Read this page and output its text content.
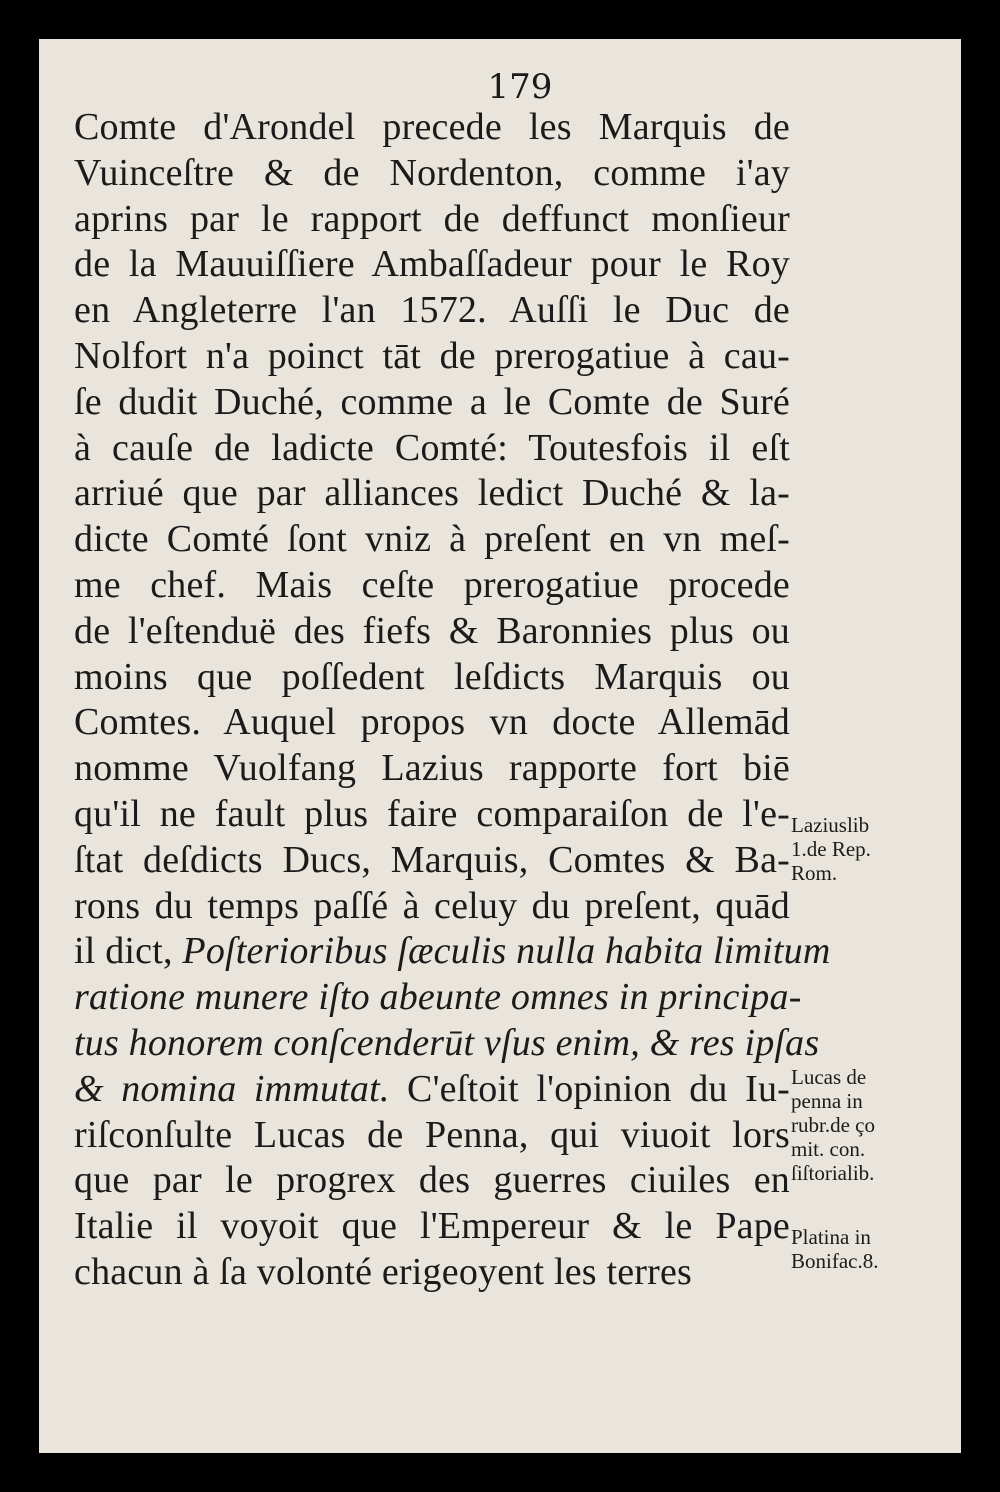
179
Comte d'Arondel precede les Marquis de
Vuinceſtre & de Nordenton, comme i'ay
aprins par le rapport de deffunct monſieur
de la Mauuiſſiere Ambaſſadeur pour le Roy
en Angleterre l'an 1572. Auſſi le Duc de
Nolfort n'a poinct tāt de prerogatiue à cau-
ſe dudit Duché, comme a le Comte de Suré
à cauſe de ladicte Comté: Toutesfois il eſt
arriué que par alliances ledict Duché & la-
dicte Comté ſont vniz à preſent en vn meſ-
me chef. Mais ceſte prerogatiue procede
de l'eſtenduë des fiefs & Baronnies plus ou
moins que poſſedent leſdicts Marquis ou
Comtes. Auquel propos vn docte Allemād
nomme Vuolfang Lazius rapporte fort biē
qu'il ne fault plus faire comparaiſon de l'e-
ſtat deſdicts Ducs, Marquis, Comtes & Ba-
rons du temps paſſé à celuy du preſent, quād
il dict, Poſterioribus ſæculis nulla habita limitum
ratione munere iſto abeunte omnes in principa-
tus honorem conſcenderūt vſus enim, & res ipſas
& nomina immutat. C'eſtoit l'opinion du Iu-
riſconſulte Lucas de Penna, qui viuoit lors
que par le progrex des guerres ciuiles en
Italie il voyoit que l'Empereur & le Pape
chacun à ſa volonté erigeoyent les terres
Laziuslib
1.de Rep.
Rom.
Lucas de
penna in
rubr.de ço
mit. con.
ſiſtorialib.
Platina in
Bonifac.8.
